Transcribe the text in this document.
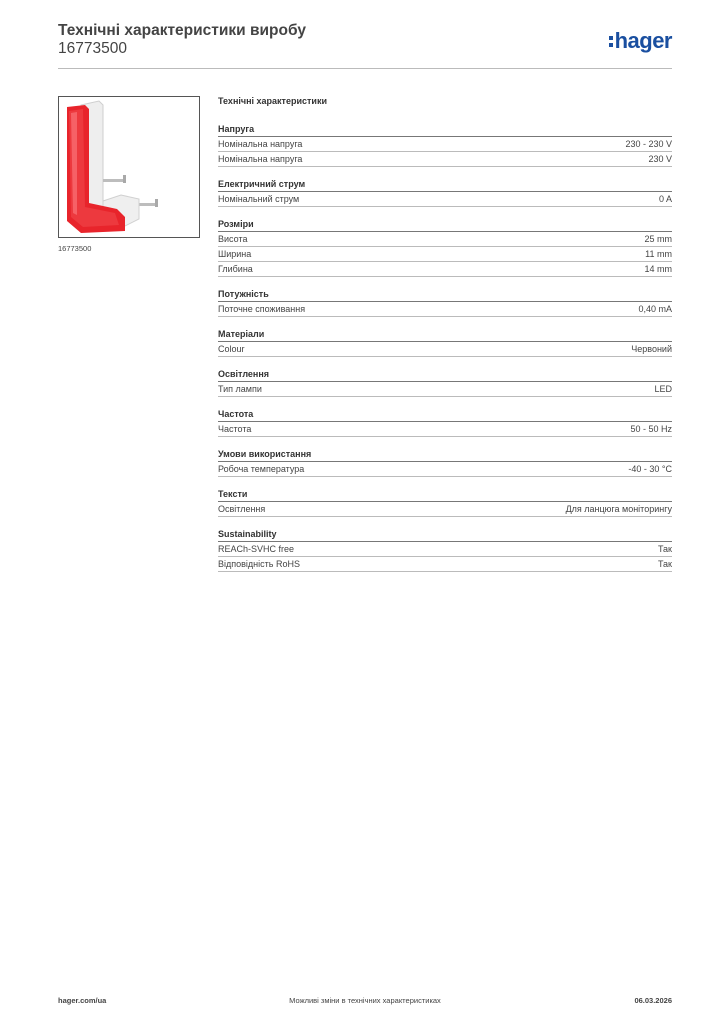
Технічні характеристики виробу
16773500	hager
16773500
Технічні характеристики
Напруга
Номінальна напруга	230 - 230 V
Номінальна напруга	230 V
Електричний струм
Номінальний струм	0 A
Розміри
Висота	25 mm
Ширина	11 mm
Глибина	14 mm
Потужність
Поточне споживання	0,40 mA
Матеріали
Colour	Червоний
Освітлення
Тип лампи	LED
Частота
Частота	50 - 50 Hz
Умови використання
Робоча температура	-40 - 30 °C
Тексти
Освітлення	Для ланцюга моніторингу
Sustainability
REACh-SVHC free	Так
Відповідність RoHS	Так
hager.com/ua	Можливі зміни в технічних характеристиках	06.03.2026
